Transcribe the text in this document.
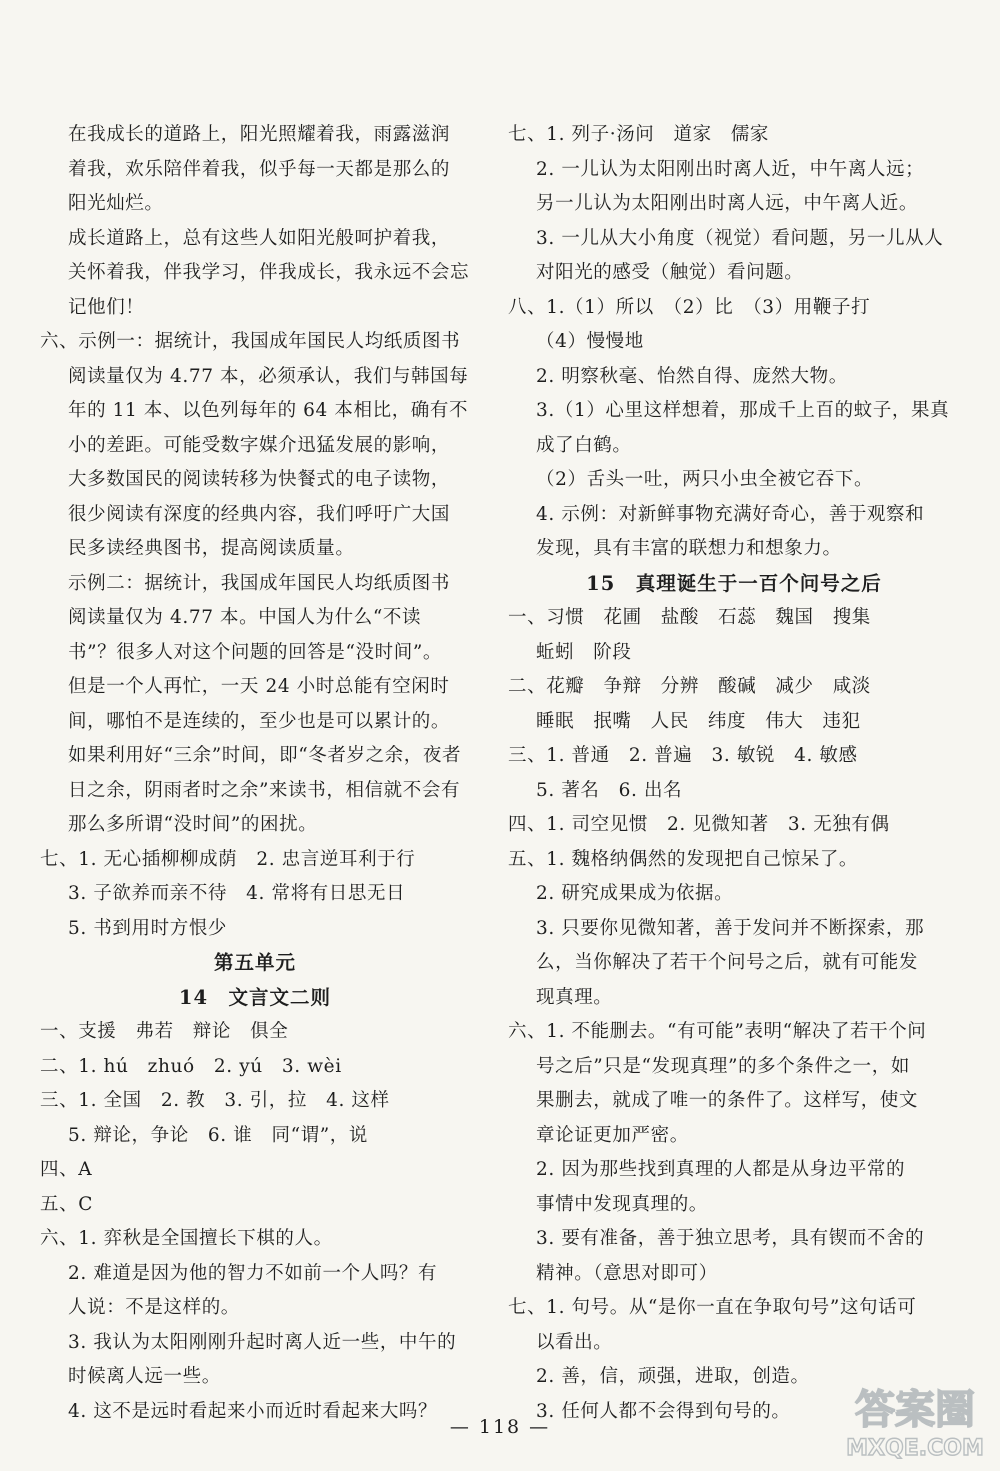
在我成长的道路上，阳光照耀着我，雨露滋润
着我，欢乐陪伴着我，似乎每一天都是那么的
阳光灿烂。
成长道路上，总有这些人如阳光般呵护着我，
关怀着我，伴我学习，伴我成长，我永远不会忘
记他们！
六、示例一：据统计，我国成年国民人均纸质图书
阅读量仅为 4.77 本，必须承认，我们与韩国每
年的 11 本、以色列每年的 64 本相比，确有不
小的差距。可能受数字媒介迅猛发展的影响，
大多数国民的阅读转移为快餐式的电子读物，
很少阅读有深度的经典内容，我们呼吁广大国
民多读经典图书，提高阅读质量。
示例二：据统计，我国成年国民人均纸质图书
阅读量仅为 4.77 本。中国人为什么“不读
书”？很多人对这个问题的回答是“没时间”。
但是一个人再忙，一天 24 小时总能有空闲时
间，哪怕不是连续的，至少也是可以累计的。
如果利用好“三余”时间，即“冬者岁之余，夜者
日之余，阴雨者时之余”来读书，相信就不会有
那么多所谓“没时间”的困扰。
七、1. 无心插柳柳成荫　2. 忠言逆耳利于行
3. 子欲养而亲不待　4. 常将有日思无日
5. 书到用时方恨少
第五单元
14　文言文二则
一、支援　弗若　辩论　俱全
二、1. hú　zhuó　2. yú　3. wèi
三、1. 全国　2. 教　3. 引，拉　4. 这样
5. 辩论，争论　6. 谁　同“谓”，说
四、A
五、C
六、1. 弈秋是全国擅长下棋的人。
2. 难道是因为他的智力不如前一个人吗？有
人说：不是这样的。
3. 我认为太阳刚刚升起时离人近一些，中午的
时候离人远一些。
4. 这不是远时看起来小而近时看起来大吗？
七、1. 列子·汤问　道家　儒家
2. 一儿认为太阳刚出时离人近，中午离人远；
另一儿认为太阳刚出时离人远，中午离人近。
3. 一儿从大小角度（视觉）看问题，另一儿从人
对阳光的感受（触觉）看问题。
八、1.（1）所以　（2）比　（3）用鞭子打
（4）慢慢地
2. 明察秋毫、怡然自得、庞然大物。
3.（1）心里这样想着，那成千上百的蚊子，果真
成了白鹤。
（2）舌头一吐，两只小虫全被它吞下。
4. 示例：对新鲜事物充满好奇心，善于观察和
发现，具有丰富的联想力和想象力。
15　真理诞生于一百个问号之后
一、习惯　花圃　盐酸　石蕊　魏国　搜集
蚯蚓　阶段
二、花瓣　争辩　分辨　酸碱　减少　咸淡
睡眠　抿嘴　人民　纬度　伟大　违犯
三、1. 普通　2. 普遍　3. 敏锐　4. 敏感
5. 著名　6. 出名
四、1. 司空见惯　2. 见微知著　3. 无独有偶
五、1. 魏格纳偶然的发现把自己惊呆了。
2. 研究成果成为依据。
3. 只要你见微知著，善于发问并不断探索，那
么，当你解决了若干个问号之后，就有可能发
现真理。
六、1. 不能删去。“有可能”表明“解决了若干个问
号之后”只是“发现真理”的多个条件之一，如
果删去，就成了唯一的条件了。这样写，使文
章论证更加严密。
2. 因为那些找到真理的人都是从身边平常的
事情中发现真理的。
3. 要有准备，善于独立思考，具有锲而不舍的
精神。（意思对即可）
七、1. 句号。从“是你一直在争取句号”这句话可
以看出。
2. 善，信，顽强，进取，创造。
3. 任何人都不会得到句号的。
— 118 —	答案圈
MXQE.COM
